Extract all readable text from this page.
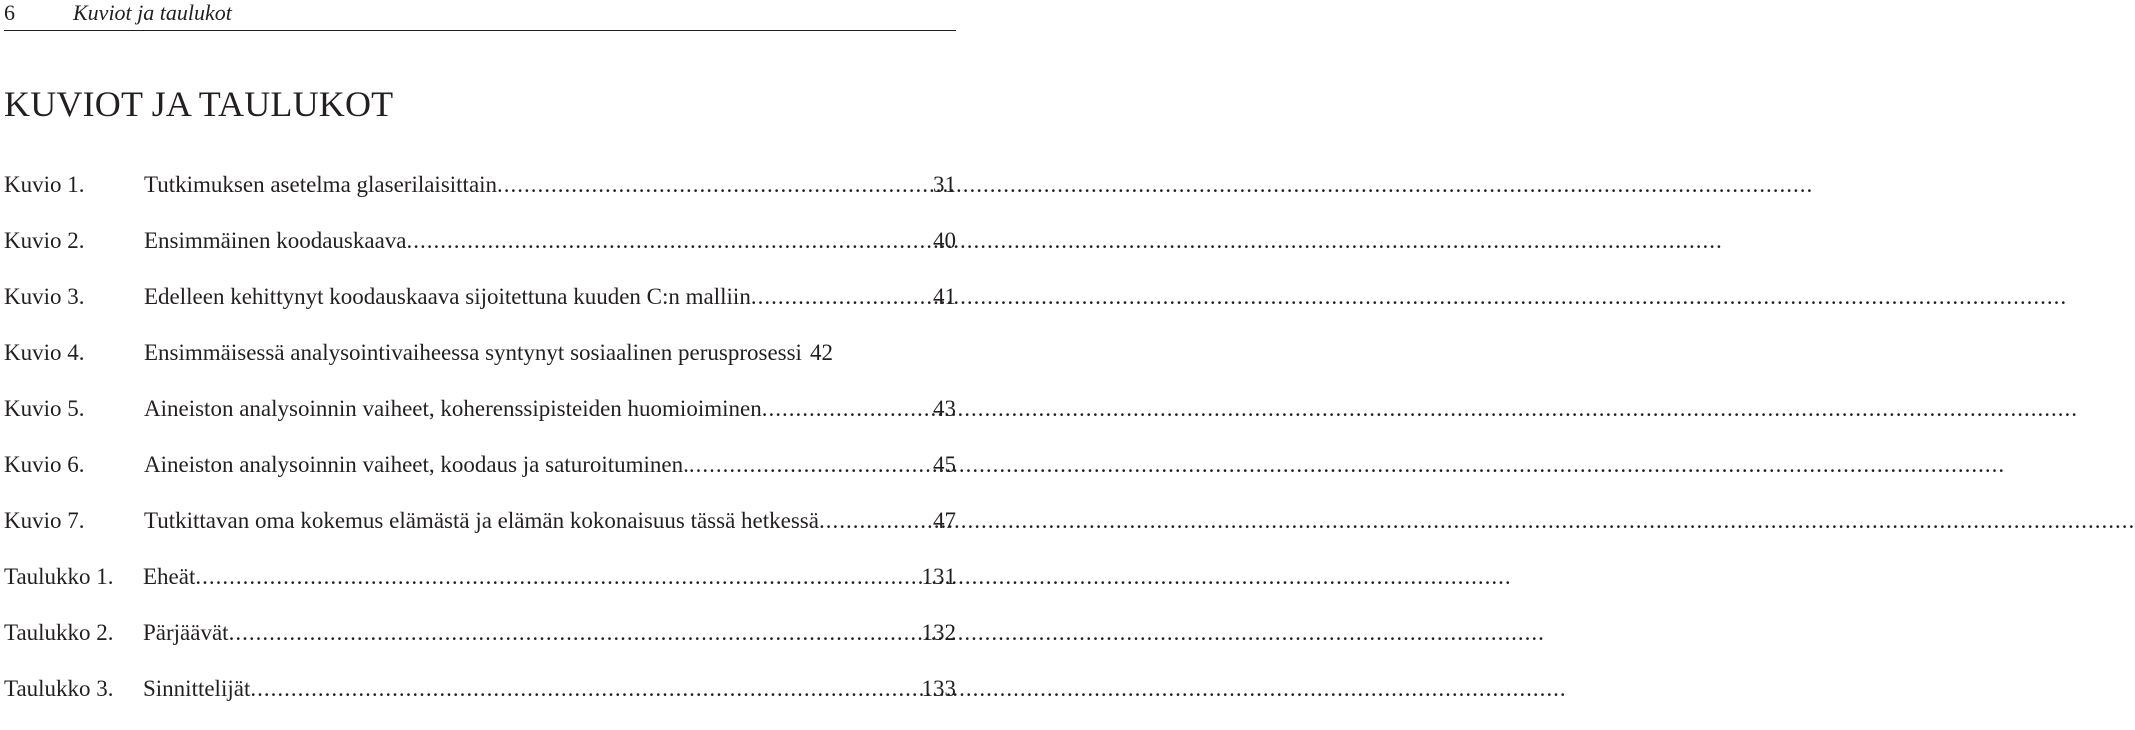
6	Kuviot ja taulukot
KUVIOT JA TAULUKOT
Kuvio 1.	Tutkimuksen asetelma glaserilaisittain .....	31
Kuvio 2.	Ensimmäinen koodauskaava .....	40
Kuvio 3.	Edelleen kehittynyt koodauskaava sijoitettuna kuuden C:n malliin .....	41
Kuvio 4.	Ensimmäisessä analysointivaiheessa syntynyt sosiaalinen perusprosessi 42
Kuvio 5.	Aineiston analysoinnin vaiheet, koherenssipisteiden huomioiminen .....	43
Kuvio 6.	Aineiston analysoinnin vaiheet, koodaus ja saturoituminen. .....	45
Kuvio 7.	Tutkittavan oma kokemus elämästä ja elämän kokonaisuus tässä hetkessä .....	47
Taulukko 1. Eheät .....	131
Taulukko 2. Pärjäävät .....	132
Taulukko 3. Sinnittelijät .....	133
